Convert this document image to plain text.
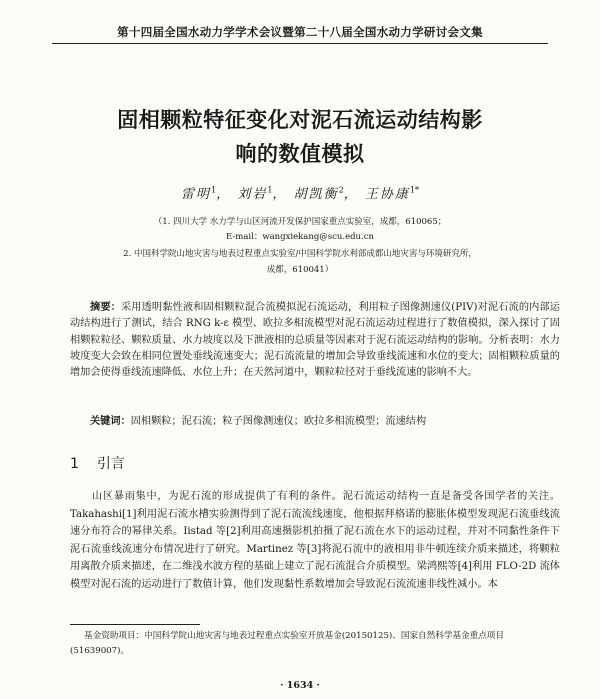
第十四届全国水动力学学术会议暨第二十八届全国水动力学研讨会文集
固相颗粒特征变化对泥石流运动结构影
响的数值模拟
雷明$^1$， 刘岩$^1$， 胡凯衡$^2$， 王协康$^{1*}$
（1. 四川大学 水力学与山区河流开发保护国家重点实验室，成都，610065；
E-mail：wangxiekang@scu.edu.cn
2. 中国科学院山地灾害与地表过程重点实验室/中国科学院水利部成都山地灾害与环境研究所，
成都，610041）
摘要：采用透明黏性液和固相颗粒混合流模拟泥石流运动，利用粒子图像测速仪(PIV)对泥石流的内部运动结构进行了测试，结合 RNG k-ε 模型、欧拉多相流模型对泥石流运动过程进行了数值模拟，深入探讨了固相颗粒粒径、颗粒质量、水力坡度以及下泄液相的总质量等因素对于泥石流运动结构的影响。分析表明：水力坡度变大会致在相同位置处垂线流速变大；泥石流流量的增加会导致垂线流速和水位的变大；固相颗粒质量的增加会使得垂线流速降低、水位上升；在天然河道中，颗粒粒径对于垂线流速的影响不大。
关键词：固相颗粒；泥石流；粒子图像测速仪；欧拉多相流模型；流速结构
1 引言
山区暴雨集中，为泥石流的形成提供了有利的条件。泥石流运动结构一直是备受各国学者的关注。Takahashi[1]利用泥石流水槽实验测得到了泥石流流线速度，他根据拜格诺的膨胀体模型发现泥石流垂线流速分布符合的幂律关系。Iistad 等[2]利用高速摄影机拍摄了泥石流在水下的运动过程，并对不同黏性条件下泥石流垂线流速分布情况进行了研究。Martinez 等[3]将泥石流中的液相用非牛顿连续介质来描述，将颗粒用离散介质来描述，在二维浅水波方程的基础上建立了泥石流混合介质模型。梁鸿熙等[4]利用 FLO-2D 流体模型对泥石流的运动进行了数值计算，他们发现黏性系数增加会导致泥石流流速非线性减小。本
基金资助项目：中国科学院山地灾害与地表过程重点实验室开放基金(20150125)、国家自然科学基金重点项目(51639007)。
· 1634 ·
